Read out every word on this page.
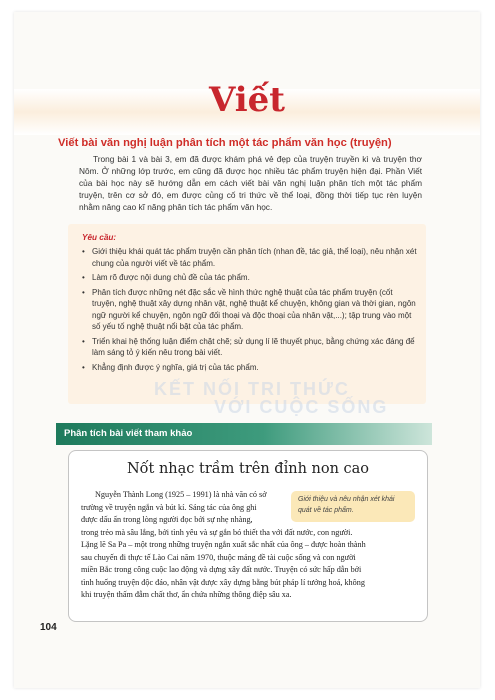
Viết
Viết bài văn nghị luận phân tích một tác phẩm văn học (truyện)
Trong bài 1 và bài 3, em đã được khám phá vẻ đẹp của truyện truyền kì và truyện thơ Nôm. Ở những lớp trước, em cũng đã được học nhiều tác phẩm truyện hiện đại. Phần Viết của bài học này sẽ hướng dẫn em cách viết bài văn nghị luận phân tích một tác phẩm truyện, trên cơ sở đó, em được củng cố tri thức về thể loại, đồng thời tiếp tục rèn luyện nhằm nâng cao kĩ năng phân tích tác phẩm văn học.
Yêu cầu:
• Giới thiệu khái quát tác phẩm truyện cần phân tích (nhan đề, tác giả, thể loại), nêu nhận xét chung của người viết về tác phẩm.
• Làm rõ được nội dung chủ đề của tác phẩm.
• Phân tích được những nét đặc sắc về hình thức nghệ thuật của tác phẩm truyện (cốt truyện, nghệ thuật xây dựng nhân vật, nghệ thuật kể chuyện, không gian và thời gian, ngôn ngữ người kể chuyện, ngôn ngữ đối thoại và độc thoại của nhân vật,...); tập trung vào một số yếu tố nghệ thuật nổi bật của tác phẩm.
• Triển khai hệ thống luận điểm chặt chẽ; sử dụng lí lẽ thuyết phục, bằng chứng xác đáng để làm sáng tỏ ý kiến nêu trong bài viết.
• Khẳng định được ý nghĩa, giá trị của tác phẩm.
KẾT NỐI TRI THỨC
VỚI CUỘC SỐNG
Phân tích bài viết tham khảo
Nốt nhạc trầm trên đỉnh non cao
Giới thiệu và nêu nhận xét khái quát về tác phẩm.
Nguyễn Thành Long (1925 – 1991) là nhà văn có sở
trường về truyện ngắn và bút kí. Sáng tác của ông ghi
được dấu ấn trong lòng người đọc bởi sự nhẹ nhàng,
trong trẻo mà sâu lắng, bởi tình yêu và sự gắn bó thiết tha với đất nước, con người.
Lặng lẽ Sa Pa – một trong những truyện ngắn xuất sắc nhất của ông – được hoàn thành
sau chuyến đi thực tế Lào Cai năm 1970, thuộc mảng đề tài cuộc sống và con người
miền Bắc trong công cuộc lao động và dựng xây đất nước. Truyện có sức hấp dẫn bởi
tình huống truyện độc đáo, nhân vật được xây dựng bằng bút pháp lí tưởng hoá, không
khi truyện thấm đẫm chất thơ, ẩn chứa những thông điệp sâu xa.
104
